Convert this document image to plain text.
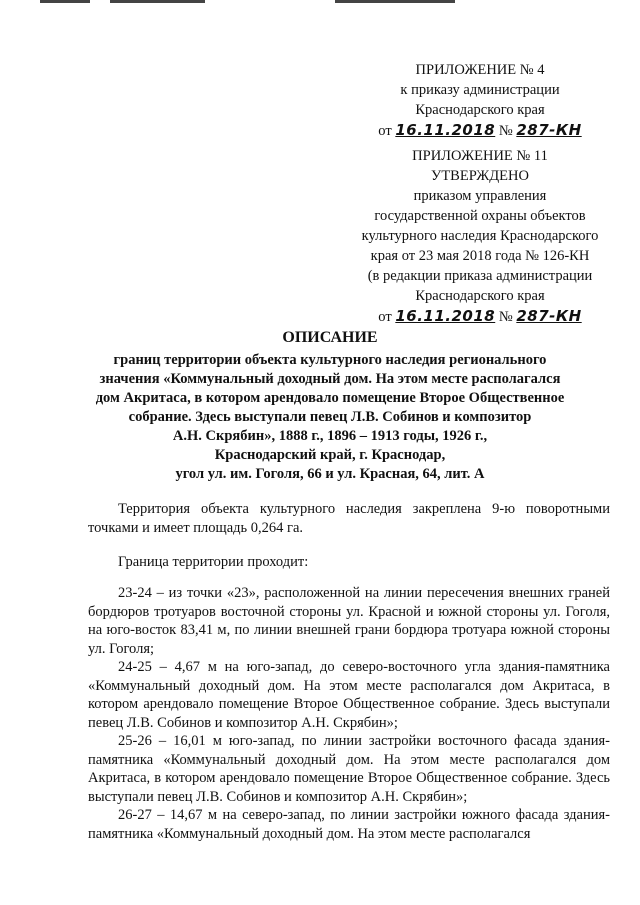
ПРИЛОЖЕНИЕ № 4
к приказу администрации
Краснодарского края
от 16.11.2018 № 287-КН
ПРИЛОЖЕНИЕ № 11
УТВЕРЖДЕНО
приказом управления
государственной охраны объектов
культурного наследия Краснодарского
края от 23 мая 2018 года № 126-КН
(в редакции приказа администрации
Краснодарского края
от 16.11.2018 № 287-КН
ОПИСАНИЕ
границ территории объекта культурного наследия регионального
значения «Коммунальный доходный дом. На этом месте располагался
дом Акритаса, в котором арендовало помещение Второе Общественное
собрание. Здесь выступали певец Л.В. Собинов и композитор
А.Н. Скрябин», 1888 г., 1896 – 1913 годы, 1926 г.,
Краснодарский край, г. Краснодар,
угол ул. им. Гоголя, 66 и ул. Красная, 64, лит. А

Территория объекта культурного наследия закреплена 9-ю поворотными точками и имеет площадь 0,264 га.

Граница территории проходит:

23-24 – из точки «23», расположенной на линии пересечения внешних граней бордюров тротуаров восточной стороны ул. Красной и южной стороны ул. Гоголя, на юго-восток 83,41 м, по линии внешней грани бордюра тротуара южной стороны ул. Гоголя;

24-25 – 4,67 м на юго-запад, до северо-восточного угла здания-памятника «Коммунальный доходный дом. На этом месте располагался дом Акритаса, в котором арендовало помещение Второе Общественное собрание. Здесь выступали певец Л.В. Собинов и композитор А.Н. Скрябин»;

25-26 – 16,01 м юго-запад, по линии застройки восточного фасада здания-памятника «Коммунальный доходный дом. На этом месте располагался дом Акритаса, в котором арендовало помещение Второе Общественное собрание. Здесь выступали певец Л.В. Собинов и композитор А.Н. Скрябин»;

26-27 – 14,67 м на северо-запад, по линии застройки южного фасада здания-памятника «Коммунальный доходный дом. На этом месте располагался
